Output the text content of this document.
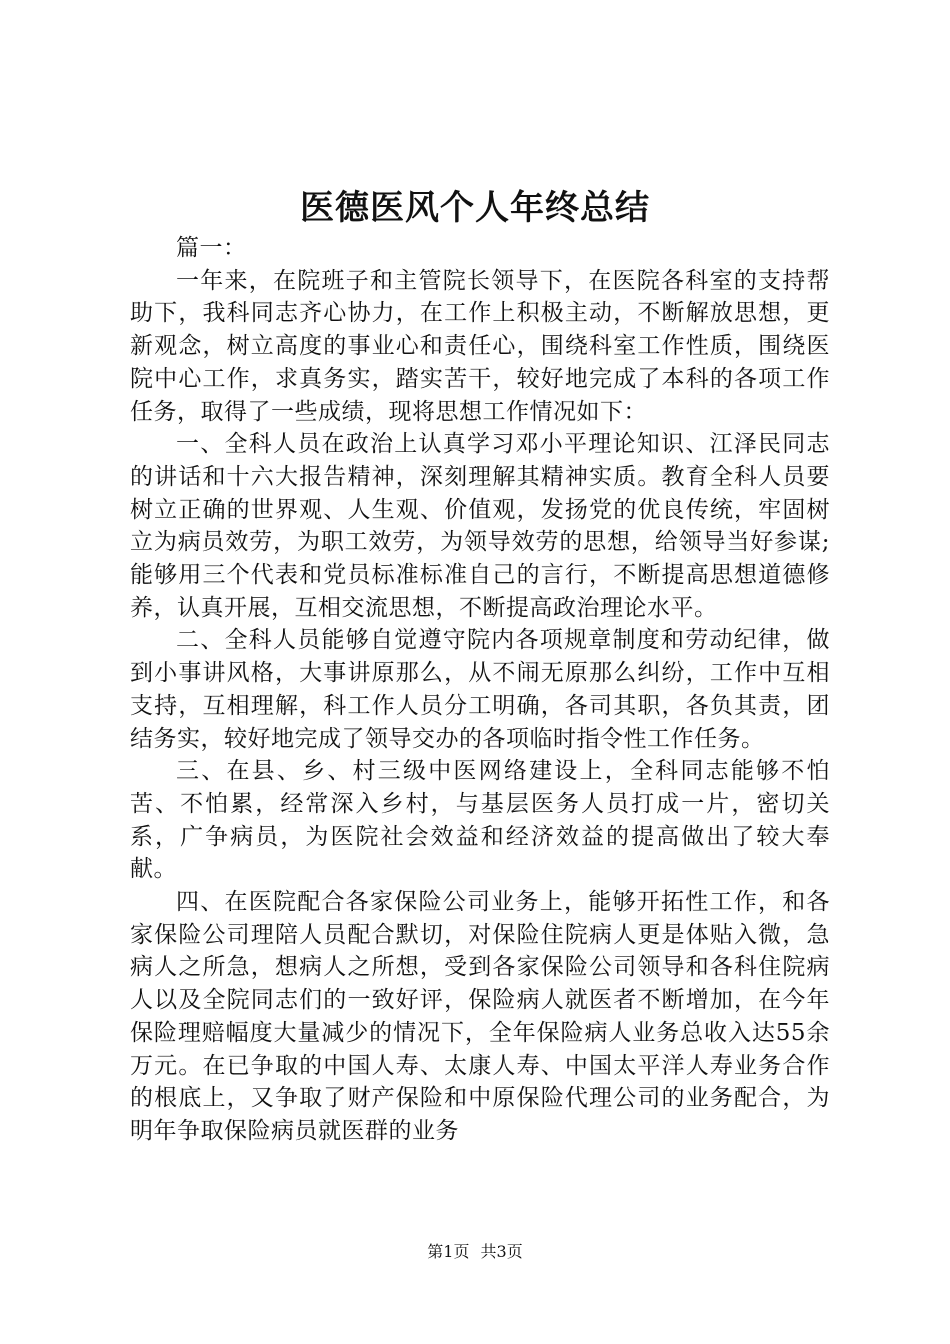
医德医风个人年终总结

篇一：

一年来，在院班子和主管院长领导下，在医院各科室的支持帮助下，我科同志齐心协力，在工作上积极主动，不断解放思想，更新观念，树立高度的事业心和责任心，围绕科室工作性质，围绕医院中心工作，求真务实，踏实苦干，较好地完成了本科的各项工作任务，取得了一些成绩，现将思想工作情况如下：

一、全科人员在政治上认真学习邓小平理论知识、江泽民同志的讲话和十六大报告精神，深刻理解其精神实质。教育全科人员要树立正确的世界观、人生观、价值观，发扬党的优良传统，牢固树立为病员效劳，为职工效劳，为领导效劳的思想，给领导当好参谋;能够用三个代表和党员标准标准自己的言行，不断提高思想道德修养，认真开展，互相交流思想，不断提高政治理论水平。

二、全科人员能够自觉遵守院内各项规章制度和劳动纪律，做到小事讲风格，大事讲原那么，从不闹无原那么纠纷，工作中互相支持，互相理解，科工作人员分工明确，各司其职，各负其责，团结务实，较好地完成了领导交办的各项临时指令性工作任务。

三、在县、乡、村三级中医网络建设上，全科同志能够不怕苦、不怕累，经常深入乡村，与基层医务人员打成一片，密切关系，广争病员，为医院社会效益和经济效益的提高做出了较大奉献。

四、在医院配合各家保险公司业务上，能够开拓性工作，和各家保险公司理陪人员配合默切，对保险住院病人更是体贴入微，急病人之所急，想病人之所想，受到各家保险公司领导和各科住院病人以及全院同志们的一致好评，保险病人就医者不断增加，在今年保险理赔幅度大量减少的情况下，全年保险病人业务总收入达55余万元。在已争取的中国人寿、太康人寿、中国太平洋人寿业务合作的根底上，又争取了财产保险和中原保险代理公司的业务配合，为明年争取保险病员就医群的业务

第1页 共3页
